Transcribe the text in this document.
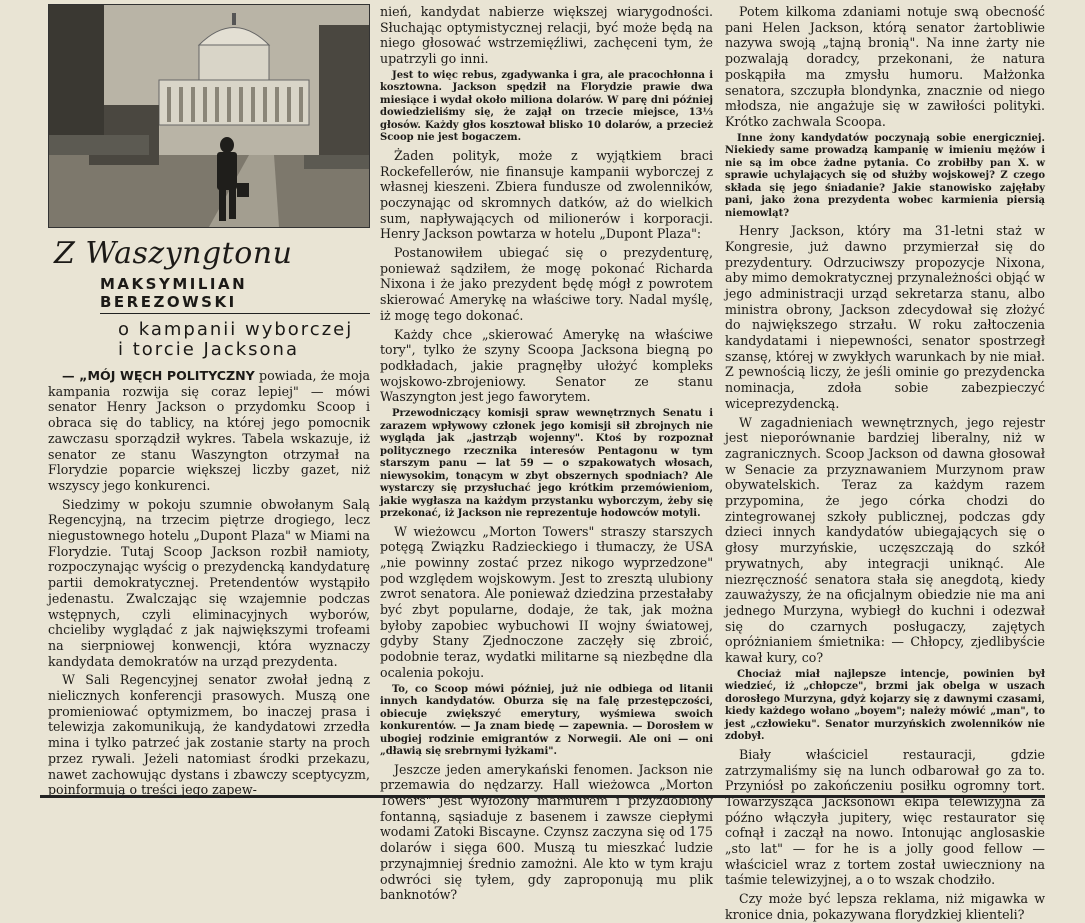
Z Waszyngtonu
MAKSYMILIAN BEREZOWSKI
o kampanii wyborczej
i torcie Jacksona

— „MÓJ WĘCH POLITYCZNY powiada, że moja kampania rozwija się coraz lepiej" — mówi senator Henry Jackson o przydomku Scoop i obraca się do tablicy, na której jego pomocnik zawczasu sporządził wykres. Tabela wskazuje, iż senator ze stanu Waszyngton otrzymał na Florydzie poparcie większej liczby gazet, niż wszyscy jego konkurenci.

Siedzimy w pokoju szumnie obwołanym Salą Regencyjną, na trzecim piętrze drogiego, lecz niegustownego hotelu „Dupont Plaza" w Miami na Florydzie. Tutaj Scoop Jackson rozbił namioty, rozpoczynając wyścig o prezydencką kandydaturę partii demokratycznej. Pretendentów wystąpiło jedenastu. Zwalczając się wzajemnie podczas wstępnych, czyli eliminacyjnych wyborów, chcieliby wyglądać z jak największymi trofeami na sierpniowej konwencji, która wyznaczy kandydata demokratów na urząd prezydenta.

W Sali Regencyjnej senator zwołał jedną z nielicznych konferencji prasowych. Muszą one promieniować optymizmem, bo inaczej prasa i telewizja zakomunikują, że kandydatowi zrzedła mina i tylko patrzeć jak zostanie starty na proch przez rywali. Jeżeli natomiast środki przekazu, nawet zachowując dystans i zbawczy sceptycyzm, poinformują o treści jego zapew-

nień, kandydat nabierze większej wiarygodności. Słuchając optymistycznej relacji, być może będą na niego głosować wstrzemięźliwi, zachęceni tym, że upatrzyli go inni.

Jest to więc rebus, zgadywanka i gra, ale pracochłonna i kosztowna. Jackson spędził na Florydzie prawie dwa miesiące i wydał około miliona dolarów. W parę dni później dowiedzieliśmy się, że zajął on trzecie miejsce, 13⅓ głosów. Każdy głos kosztował blisko 10 dolarów, a przecież Scoop nie jest bogaczem.

Żaden polityk, może z wyjątkiem braci Rockefellerów, nie finansuje kampanii wyborczej z własnej kieszeni. Zbiera fundusze od zwolenników, poczynając od skromnych datków, aż do wielkich sum, napływających od milionerów i korporacji. Henry Jackson powtarza w hotelu „Dupont Plaza":

Postanowiłem ubiegać się o prezydenturę, ponieważ sądziłem, że mogę pokonać Richarda Nixona i że jako prezydent będę mógł z powrotem skierować Amerykę na właściwe tory. Nadal myślę, iż mogę tego dokonać.

Każdy chce „skierować Amerykę na właściwe tory", tylko że szyny Scoopa Jacksona biegną po podkładach, jakie pragnęłby ułożyć kompleks wojskowo-zbrojeniowy. Senator ze stanu Waszyngton jest jego faworytem.

Przewodniczący komisji spraw wewnętrznych Senatu i zarazem wpływowy członek jego komisji sił zbrojnych nie wygląda jak „jastrząb wojenny". Ktoś by rozpoznał politycznego rzecznika interesów Pentagonu w tym starszym panu — lat 59 — o szpakowatych włosach, niewysokim, tonącym w zbyt obszernych spodniach? Ale wystarczy się przysłuchać jego krótkim przemówieniom, jakie wygłasza na każdym przystanku wyborczym, żeby się przekonać, iż Jackson nie reprezentuje hodowców motyli.

W wieżowcu „Morton Towers" straszy starszych potęgą Związku Radzieckiego i tłumaczy, że USA „nie powinny zostać przez nikogo wyprzedzone" pod względem wojskowym. Jest to zresztą ulubiony zwrot senatora. Ale ponieważ dziedzina przestałaby być zbyt popularne, dodaje, że tak, jak można byłoby zapobiec wybuchowi II wojny światowej, gdyby Stany Zjednoczone zaczęły się zbroić, podobnie teraz, wydatki militarne są niezbędne dla ocalenia pokoju.

To, co Scoop mówi później, już nie odbiega od litanii innych kandydatów. Oburza się na falę przestępczości, obiecuje zwiększyć emerytury, wyśmiewa swoich konkurentów. — Ja znam biedę — zapewnia. — Dorosłem w ubogiej rodzinie emigrantów z Norwegii. Ale oni — oni „dławią się srebrnymi łyżkami".

Jeszcze jeden amerykański fenomen. Jackson nie przemawia do nędzarzy. Hall wieżowca „Morton Towers" jest wyłożony marmurem i przyzdobiony fontanną, sąsiaduje z basenem i zawsze ciepłymi wodami Zatoki Biscayne. Czynsz zaczyna się od 175 dolarów i sięga 600. Muszą tu mieszkać ludzie przynajmniej średnio zamożni. Ale kto w tym kraju odwróci się tyłem, gdy zaproponują mu plik banknotów?

Potem kilkoma zdaniami notuje swą obecność pani Helen Jackson, którą senator żartobliwie nazywa swoją „tajną bronią". Na inne żarty nie pozwalają doradcy, przekonani, że natura poskąpiła ma zmysłu humoru. Małżonka senatora, szczupła blondynka, znacznie od niego młodsza, nie angażuje się w zawiłości polityki. Krótko zachwala Scoopa.

Inne żony kandydatów poczynają sobie energiczniej. Niekiedy same prowadzą kampanię w imieniu mężów i nie są im obce żadne pytania. Co zrobiłby pan X. w sprawie uchylających się od służby wojskowej? Z czego składa się jego śniadanie? Jakie stanowisko zajęłaby pani, jako żona prezydenta wobec karmienia piersią niemowląt?

Henry Jackson, który ma 31-letni staż w Kongresie, już dawno przymierzał się do prezydentury. Odrzuciwszy propozycje Nixona, aby mimo demokratycznej przynależności objąć w jego administracji urząd sekretarza stanu, albo ministra obrony, Jackson zdecydował się złożyć do największego strzału. W roku załtoczenia kandydatami i niepewności, senator spostrzegł szansę, której w zwykłych warunkach by nie miał. Z pewnością liczy, że jeśli ominie go prezydencka nominacja, zdoła sobie zabezpieczyć wiceprezydencką.

W zagadnieniach wewnętrznych, jego rejestr jest nieporównanie bardziej liberalny, niż w zagranicznych. Scoop Jackson od dawna głosował w Senacie za przyznawaniem Murzynom praw obywatelskich. Teraz za każdym razem przypomina, że jego córka chodzi do zintegrowanej szkoły publicznej, podczas gdy dzieci innych kandydatów ubiegających się o głosy murzyńskie, uczęszczają do szkół prywatnych, aby integracji uniknąć. Ale niezręczność senatora stała się anegdotą, kiedy zauważyszy, że na oficjalnym obiedzie nie ma ani jednego Murzyna, wybiegł do kuchni i odezwał się do czarnych posługaczy, zajętych opróżnianiem śmietnika: — Chłopcy, zjedlibyście kawał kury, co?

Chociaż miał najlepsze intencje, powinien był wiedzieć, iż „chłopcze", brzmi jak obelga w uszach dorosłego Murzyna, gdyż kojarzy się z dawnymi czasami, kiedy każdego wołano „boyem"; należy mówić „man", to jest „człowieku". Senator murzyńskich zwolenników nie zdobył.

Biały właściciel restauracji, gdzie zatrzymaliśmy się na lunch odbarował go za to. Przyniósł po zakończeniu posiłku ogromny tort. Towarzysząca Jacksonowi ekipa telewizyjna za późno włączyła jupitery, więc restaurator się cofnął i zaczął na nowo. Intonując anglosaskie „sto lat" — for he is a jolly good fellow — właściciel wraz z tortem został uwieczniony na taśmie telewizyjnej, a o to wszak chodziło.

Czy może być lepsza reklama, niż migawka w kronice dnia, pokazywana florydzkiej klienteli?
